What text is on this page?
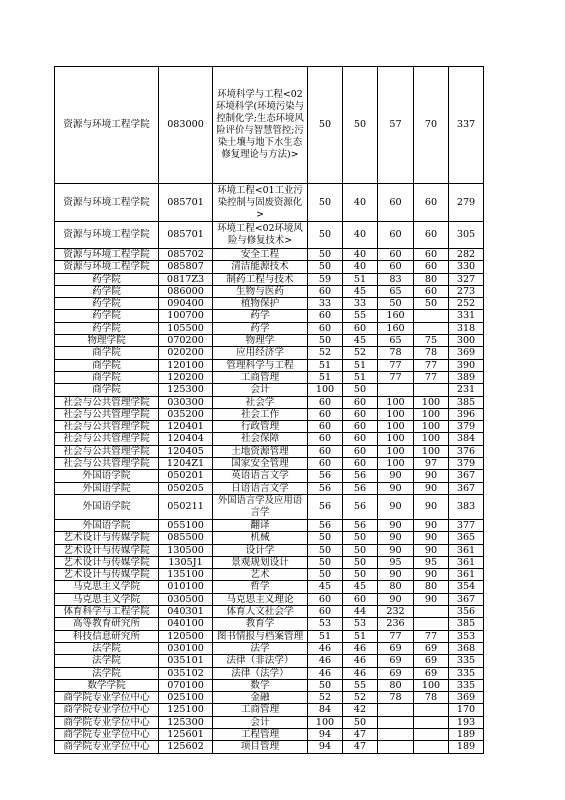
资源与环境工程学院	083000	环境科学与工程<02环境科学(环境污染与控制化学;生态环境风险评价与智慧管控;污染土壤与地下水生态修复理论与方法)>	50	50	57	70	337
资源与环境工程学院	085701	环境工程<01工业污染控制与固废资源化>	50	40	60	60	279
资源与环境工程学院	085701	环境工程<02环境风险与修复技术>	50	40	60	60	305
资源与环境工程学院	085702	安全工程	50	40	60	60	282
资源与环境工程学院	085807	清洁能源技术	50	40	60	60	330
药学院	0817Z3	制药工程与技术	59	51	83	80	327
药学院	086000	生物与医药	60	45	65	60	273
药学院	090400	植物保护	33	33	50	50	252
药学院	100700	药学	60	55	160		331
药学院	105500	药学	60	60	160		318
物理学院	070200	物理学	50	45	65	75	300
商学院	020200	应用经济学	52	52	78	78	369
商学院	120100	管理科学与工程	51	51	77	77	390
商学院	120200	工商管理	51	51	77	77	389
商学院	125300	会计	100	50			231
社会与公共管理学院	030300	社会学	60	60	100	100	385
社会与公共管理学院	035200	社会工作	60	60	100	100	396
社会与公共管理学院	120401	行政管理	60	60	100	100	379
社会与公共管理学院	120404	社会保障	60	60	100	100	384
社会与公共管理学院	120405	土地资源管理	60	60	100	100	376
社会与公共管理学院	1204Z1	国家安全管理	60	60	100	97	379
外国语学院	050201	英语语言文学	56	56	90	90	367
外国语学院	050205	日语语言文学	56	56	90	90	367
外国语学院	050211	外国语言学及应用语言学	56	56	90	90	383
外国语学院	055100	翻译	56	56	90	90	377
艺术设计与传媒学院	085500	机械	50	50	90	90	365
艺术设计与传媒学院	130500	设计学	50	50	90	90	361
艺术设计与传媒学院	1305J1	景观规划设计	50	50	95	95	361
艺术设计与传媒学院	135100	艺术	50	50	90	90	361
马克思主义学院	010100	哲学	45	45	80	80	354
马克思主义学院	030500	马克思主义理论	60	60	90	90	367
体育科学与工程学院	040301	体育人文社会学	60	44	232		356
高等教育研究所	040100	教育学	53	53	236		385
科技信息研究所	120500	图书情报与档案管理	51	51	77	77	353
法学院	030100	法学	46	46	69	69	368
法学院	035101	法律（非法学）	46	46	69	69	335
法学院	035102	法律（法学）	46	46	69	69	335
数学学院	070100	数学	50	55	80	100	335
商学院专业学位中心	025100	金融	52	52	78	78	369
商学院专业学位中心	125100	工商管理	84	42			170
商学院专业学位中心	125300	会计	100	50			193
商学院专业学位中心	125601	工程管理	94	47			189
商学院专业学位中心	125602	项目管理	94	47			189
